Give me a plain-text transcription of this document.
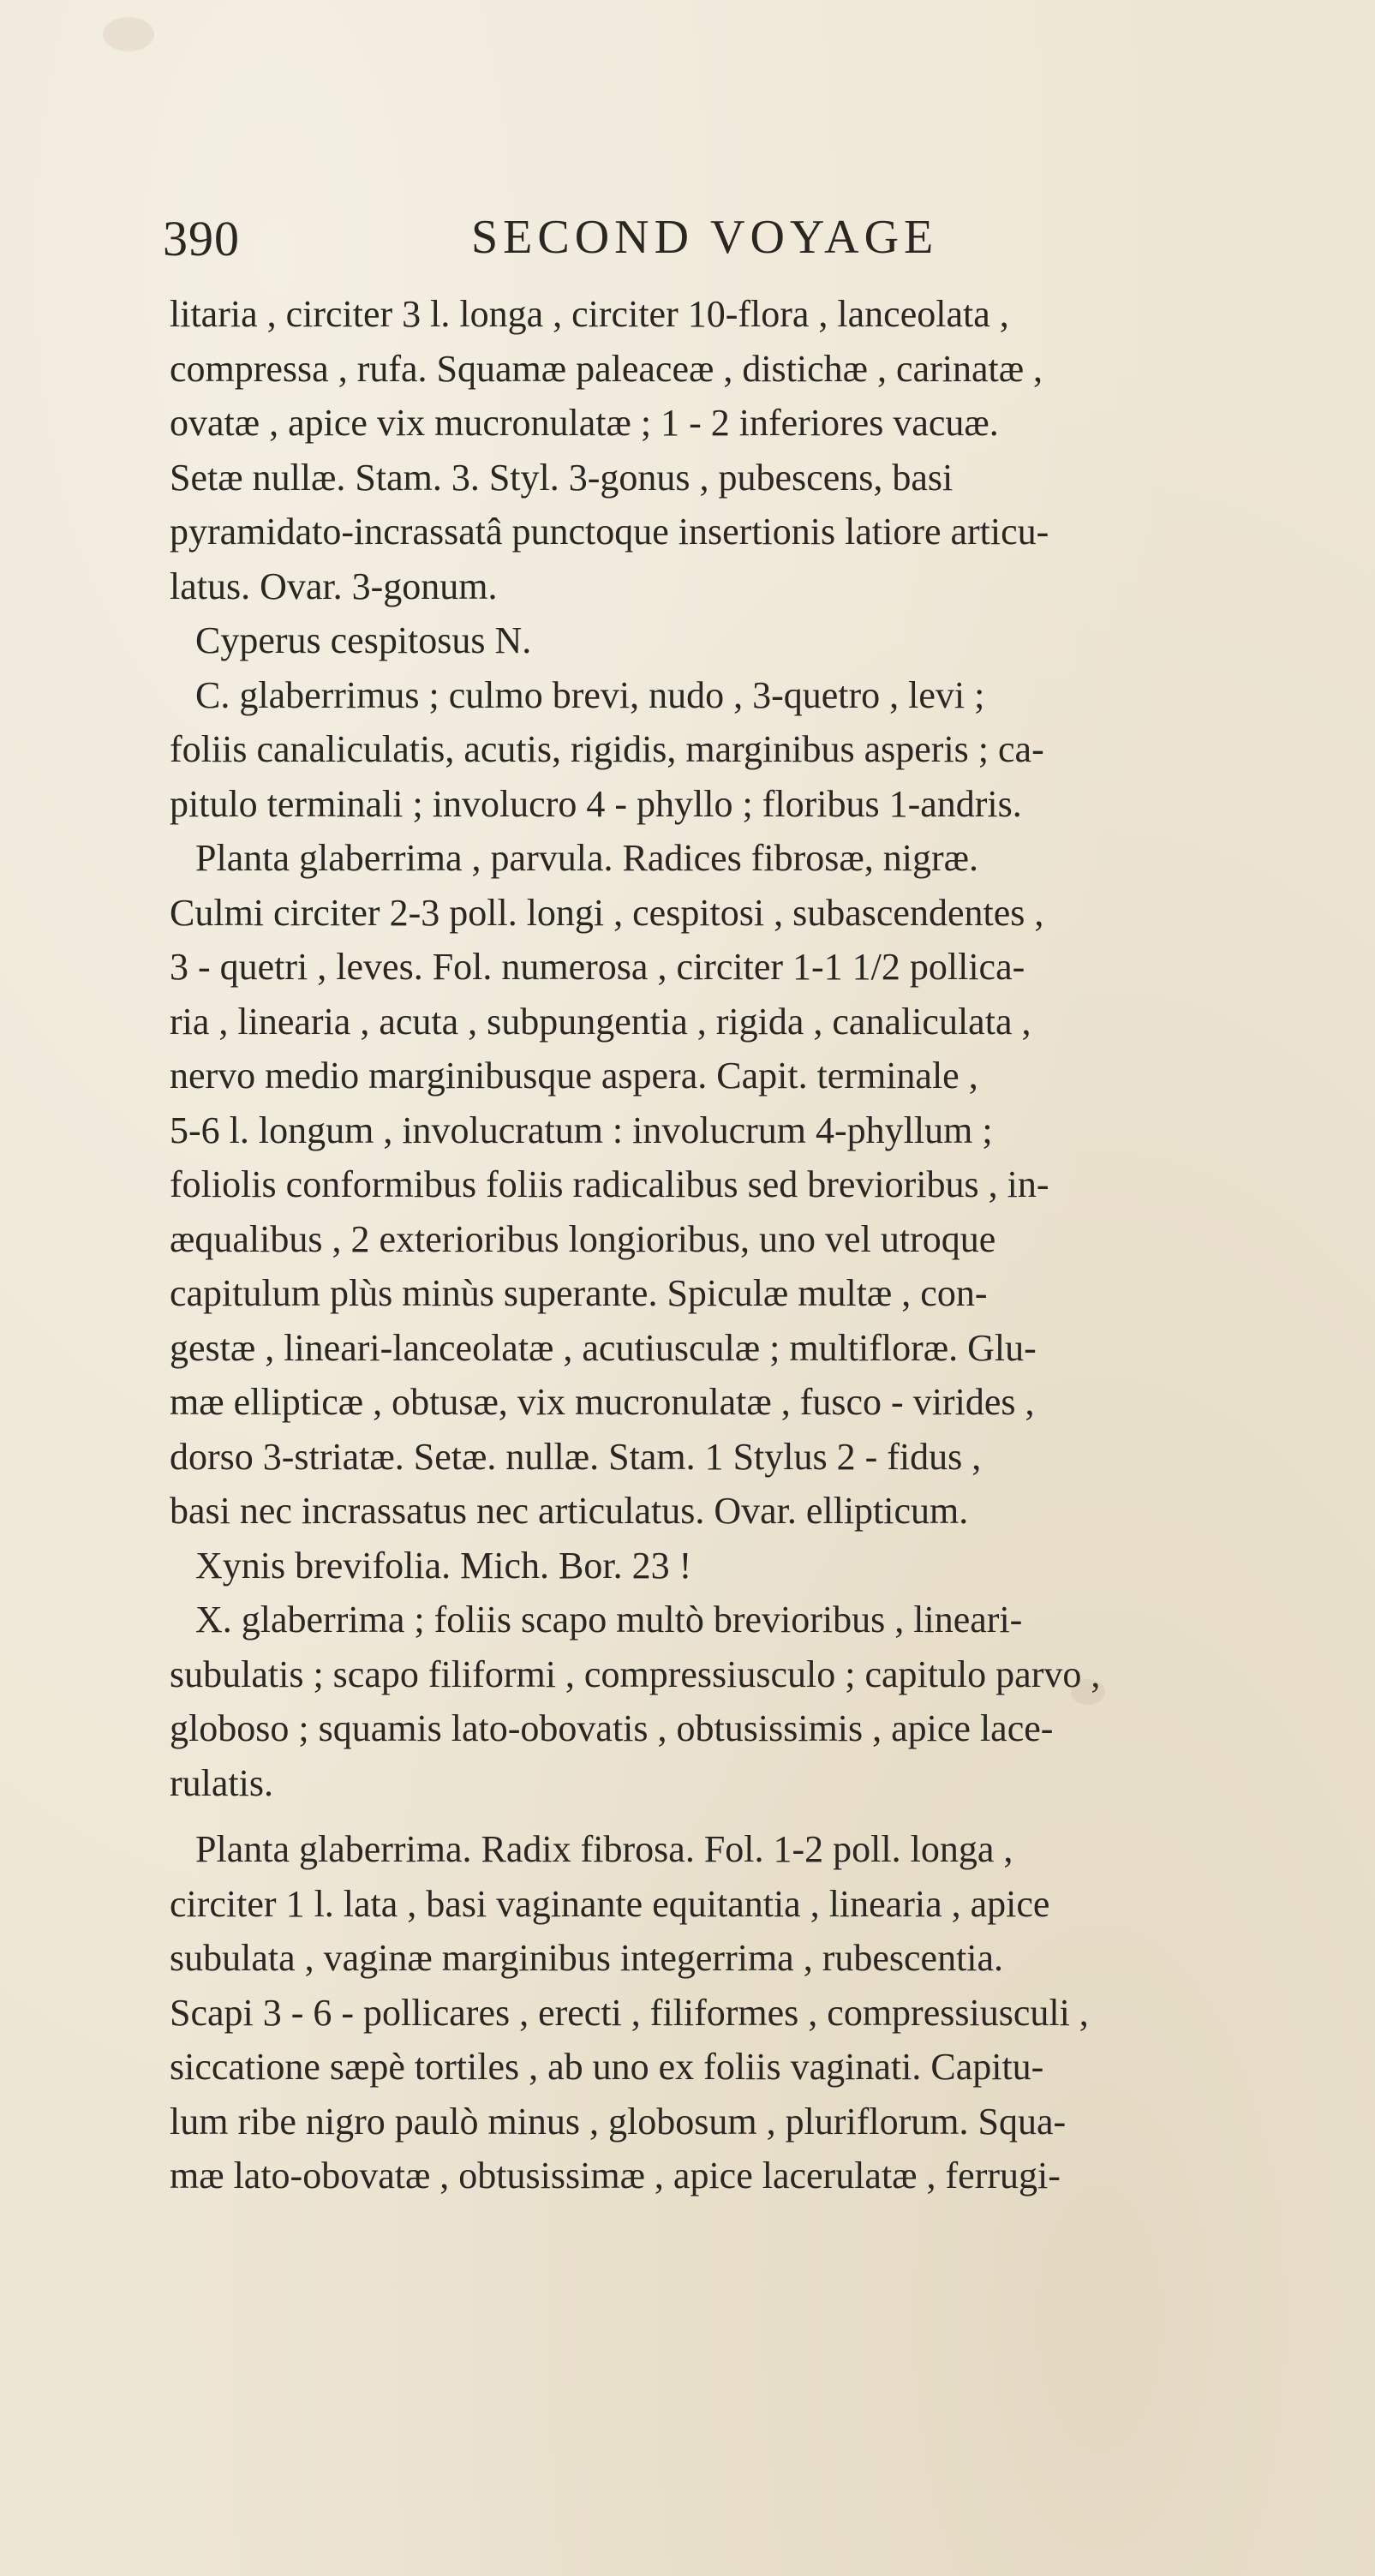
390	SECOND VOYAGE
litaria , circiter 3 l. longa , circiter 10-flora , lanceolata ,
compressa , rufa. Squamæ paleaceæ , distichæ , carinatæ ,
ovatæ , apice vix mucronulatæ ; 1 - 2 inferiores vacuæ.
Setæ nullæ. Stam. 3. Styl. 3-gonus , pubescens, basi
pyramidato-incrassatâ punctoque insertionis latiore articu-
latus. Ovar. 3-gonum.
Cyperus cespitosus N.
C. glaberrimus ; culmo brevi, nudo , 3-quetro , levi ;
foliis canaliculatis, acutis, rigidis, marginibus asperis ; ca-
pitulo terminali ; involucro 4 - phyllo ; floribus 1-andris.
Planta glaberrima , parvula. Radices fibrosæ, nigræ.
Culmi circiter 2-3 poll. longi , cespitosi , subascendentes ,
3 - quetri , leves. Fol. numerosa , circiter 1-1 1/2 pollica-
ria , linearia , acuta , subpungentia , rigida , canaliculata ,
nervo medio marginibusque aspera. Capit. terminale ,
5-6 l. longum , involucratum : involucrum 4-phyllum ;
foliolis conformibus foliis radicalibus sed brevioribus , in-
æqualibus , 2 exterioribus longioribus, uno vel utroque
capitulum plùs minùs superante. Spiculæ multæ , con-
gestæ , lineari-lanceolatæ , acutiusculæ ; multifloræ. Glu-
mæ ellipticæ , obtusæ, vix mucronulatæ , fusco - virides ,
dorso 3-striatæ. Setæ. nullæ. Stam. 1 Stylus 2 - fidus ,
basi nec incrassatus nec articulatus. Ovar. ellipticum.
Xynis brevifolia. Mich. Bor. 23 !
X. glaberrima ; foliis scapo multò brevioribus , lineari-
subulatis ; scapo filiformi , compressiusculo ; capitulo parvo ,
globoso ; squamis lato-obovatis , obtusissimis , apice lace-
rulatis.
Planta glaberrima. Radix fibrosa. Fol. 1-2 poll. longa ,
circiter 1 l. lata , basi vaginante equitantia , linearia , apice
subulata , vaginæ marginibus integerrima , rubescentia.
Scapi 3 - 6 - pollicares , erecti , filiformes , compressiusculi ,
siccatione sæpè tortiles , ab uno ex foliis vaginati. Capitu-
lum ribe nigro paulò minus , globosum , pluriflorum. Squa-
mæ lato-obovatæ , obtusissimæ , apice lacerulatæ , ferrugi-
